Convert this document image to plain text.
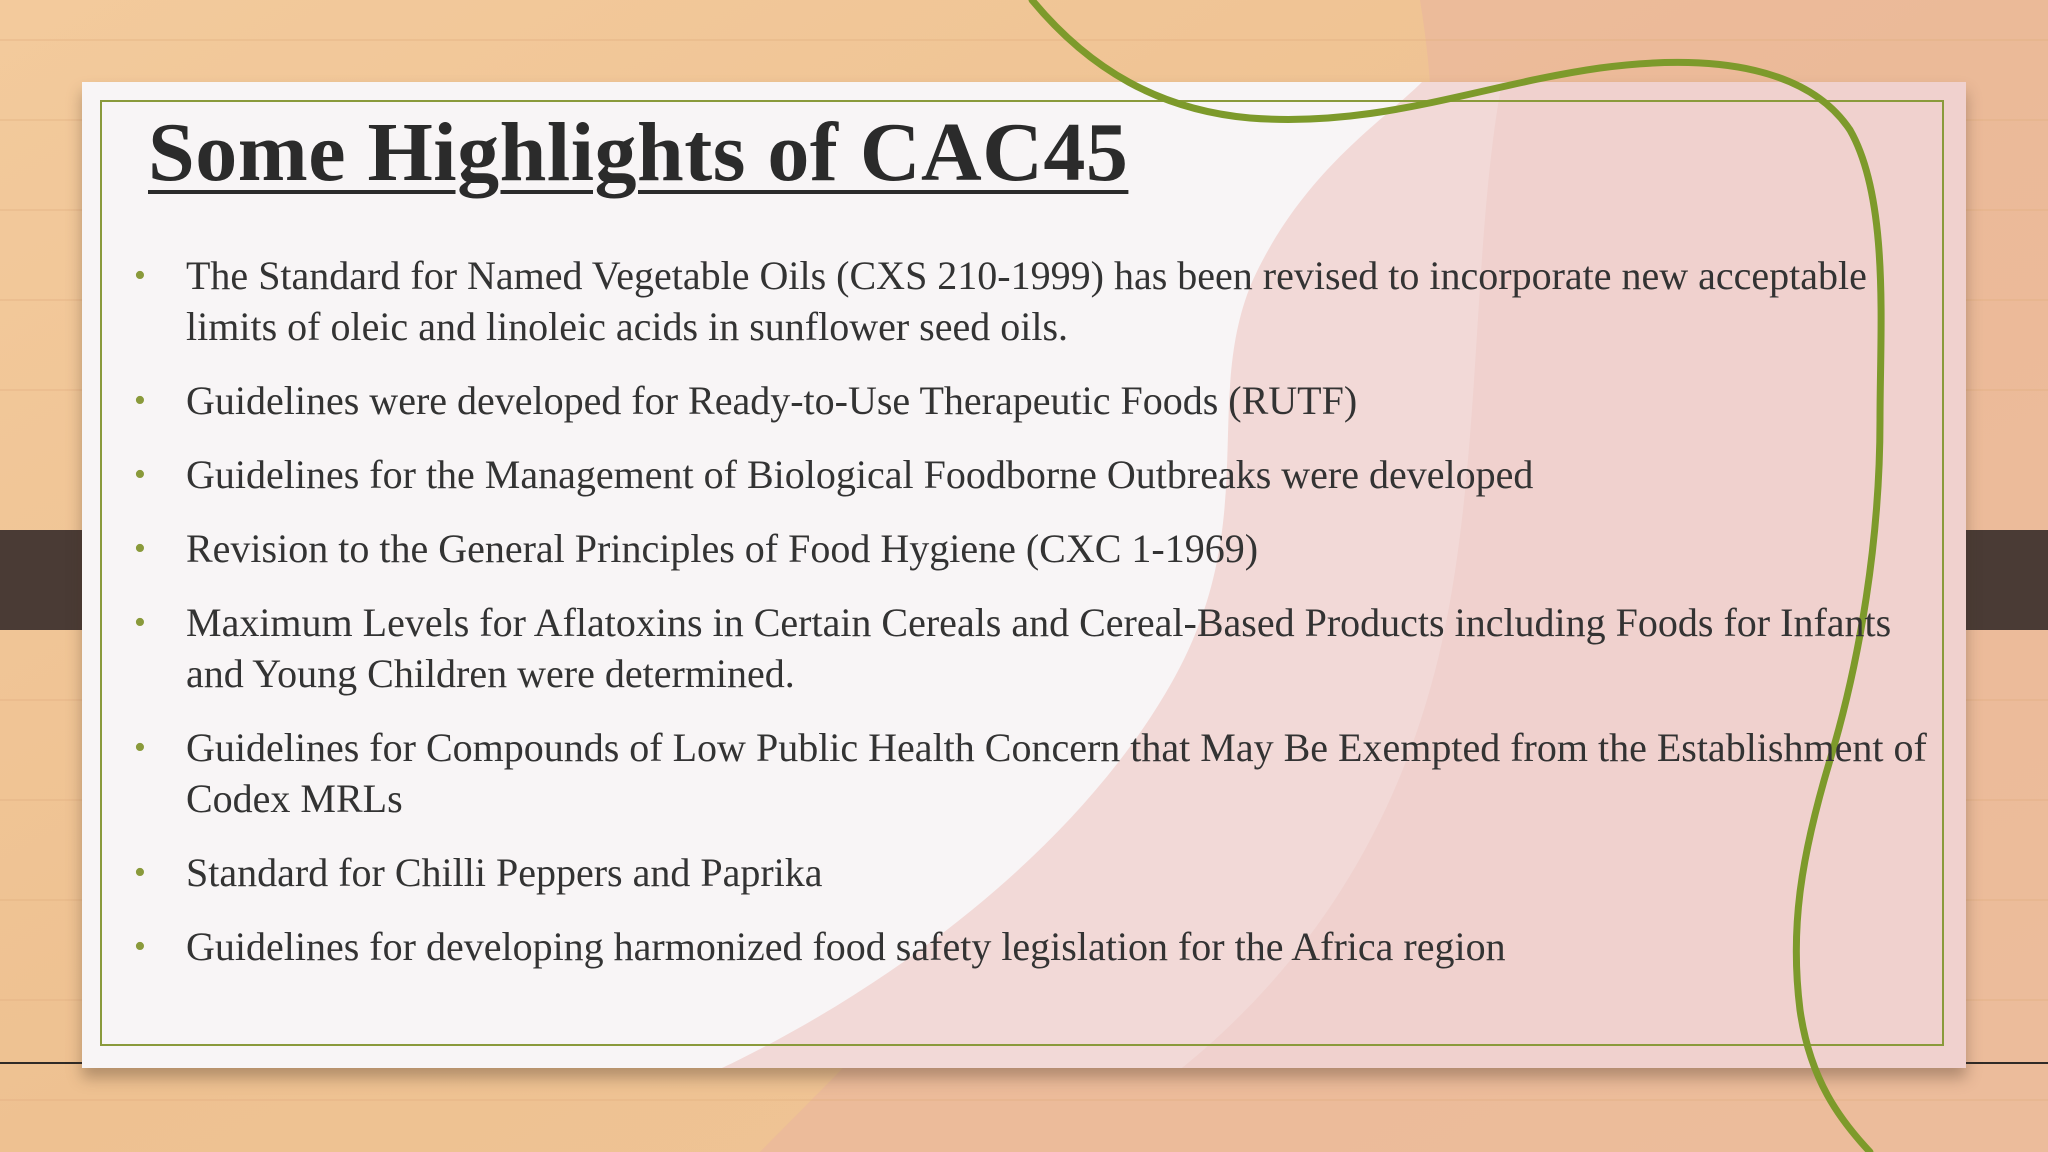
Some Highlights of CAC45
•	The Standard for Named Vegetable Oils (CXS 210-1999) has been revised to incorporate new acceptable limits of oleic and linoleic acids in sunflower seed oils.
•	Guidelines were developed for Ready-to-Use Therapeutic Foods (RUTF)
•	Guidelines for the Management of Biological Foodborne Outbreaks were developed
•	Revision to the General Principles of Food Hygiene (CXC 1-1969)
•	Maximum Levels for Aflatoxins in Certain Cereals and Cereal-Based Products including Foods for Infants and Young Children were determined.
•	Guidelines for Compounds of Low Public Health Concern that May Be Exempted from the Establishment of Codex MRLs
•	Standard for Chilli Peppers and Paprika
•	Guidelines for developing harmonized food safety legislation for the Africa region
